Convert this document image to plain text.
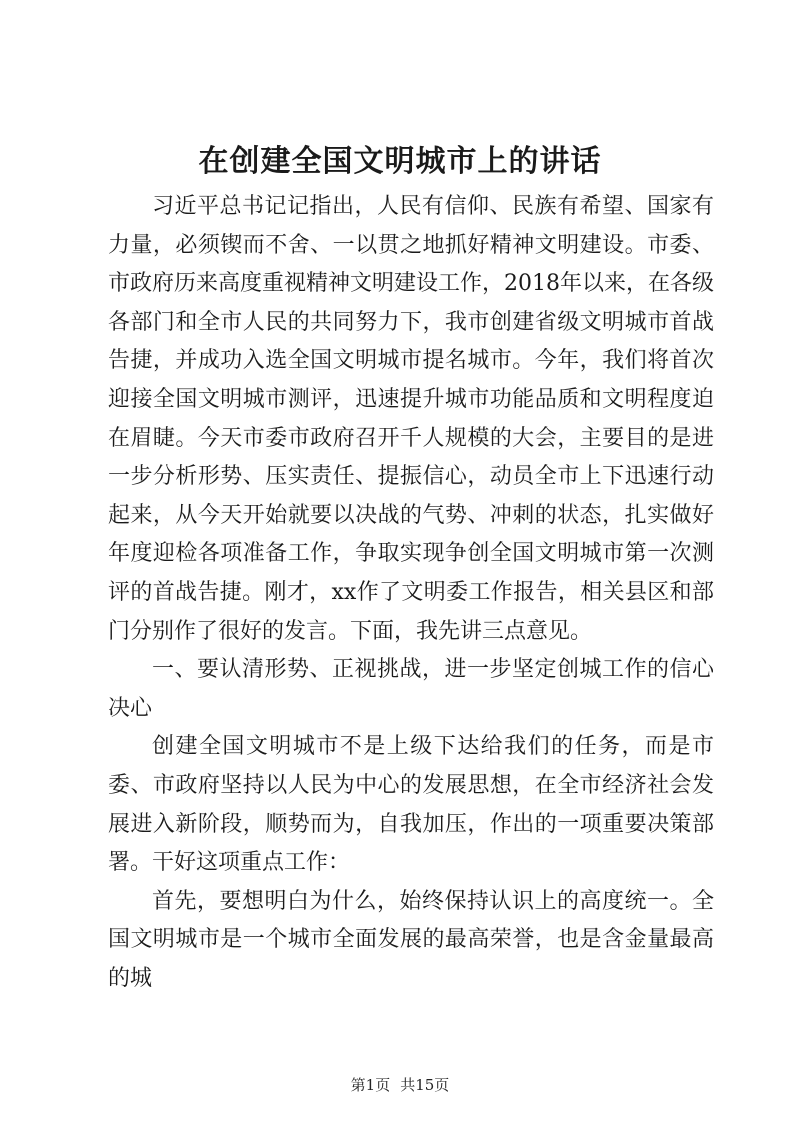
在创建全国文明城市上的讲话

习近平总书记记指出，人民有信仰、民族有希望、国家有力量，必须锲而不舍、一以贯之地抓好精神文明建设。市委、市政府历来高度重视精神文明建设工作，2018年以来，在各级各部门和全市人民的共同努力下，我市创建省级文明城市首战告捷，并成功入选全国文明城市提名城市。今年，我们将首次迎接全国文明城市测评，迅速提升城市功能品质和文明程度迫在眉睫。今天市委市政府召开千人规模的大会，主要目的是进一步分析形势、压实责任、提振信心，动员全市上下迅速行动起来，从今天开始就要以决战的气势、冲刺的状态，扎实做好年度迎检各项准备工作，争取实现争创全国文明城市第一次测评的首战告捷。刚才，xx作了文明委工作报告，相关县区和部门分别作了很好的发言。下面，我先讲三点意见。

一、要认清形势、正视挑战，进一步坚定创城工作的信心决心

创建全国文明城市不是上级下达给我们的任务，而是市委、市政府坚持以人民为中心的发展思想，在全市经济社会发展进入新阶段，顺势而为，自我加压，作出的一项重要决策部署。干好这项重点工作：

首先，要想明白为什么，始终保持认识上的高度统一。全国文明城市是一个城市全面发展的最高荣誉，也是含金量最高的城

第1页 共15页
